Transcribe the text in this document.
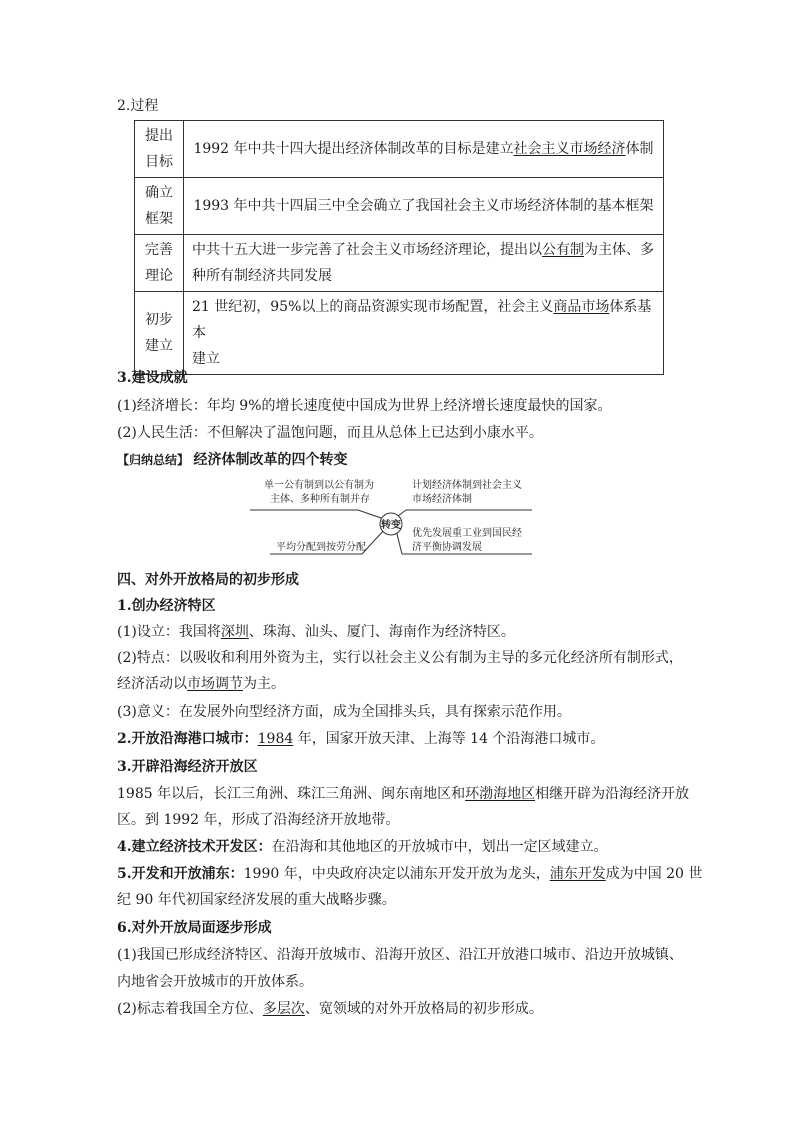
2.过程
提出
目标	1992 年中共十四大提出经济体制改革的目标是建立社会主义市场经济体制
确立
框架	1993 年中共十四届三中全会确立了我国社会主义市场经济体制的基本框架
完善
理论	中共十五大进一步完善了社会主义市场经济理论，提出以公有制为主体、多
种所有制经济共同发展
初步
建立	21 世纪初，95%以上的商品资源实现市场配置，社会主义商品市场体系基本
建立
3.建设成就
(1)经济增长：年均 9%的增长速度使中国成为世界上经济增长速度最快的国家。
(2)人民生活：不但解决了温饱问题，而且从总体上已达到小康水平。
【归纳总结】 经济体制改革的四个转变
转变
单一公有制到以公有制为
主体、多种所有制并存
计划经济体制到社会主义
市场经济体制
平均分配到按劳分配
优先发展重工业到国民经
济平衡协调发展
四、对外开放格局的初步形成
1.创办经济特区
(1)设立：我国将深圳、珠海、汕头、厦门、海南作为经济特区。
(2)特点：以吸收和利用外资为主，实行以社会主义公有制为主导的多元化经济所有制形式，
经济活动以市场调节为主。
(3)意义：在发展外向型经济方面，成为全国排头兵，具有探索示范作用。
2.开放沿海港口城市：1984 年，国家开放天津、上海等 14 个沿海港口城市。
3.开辟沿海经济开放区
1985 年以后，长江三角洲、珠江三角洲、闽东南地区和环渤海地区相继开辟为沿海经济开放
区。到 1992 年，形成了沿海经济开放地带。
4.建立经济技术开发区：在沿海和其他地区的开放城市中，划出一定区域建立。
5.开发和开放浦东：1990 年，中央政府决定以浦东开发开放为龙头，浦东开发成为中国 20 世
纪 90 年代初国家经济发展的重大战略步骤。
6.对外开放局面逐步形成
(1)我国已形成经济特区、沿海开放城市、沿海开放区、沿江开放港口城市、沿边开放城镇、
内地省会开放城市的开放体系。
(2)标志着我国全方位、多层次、宽领域的对外开放格局的初步形成。
